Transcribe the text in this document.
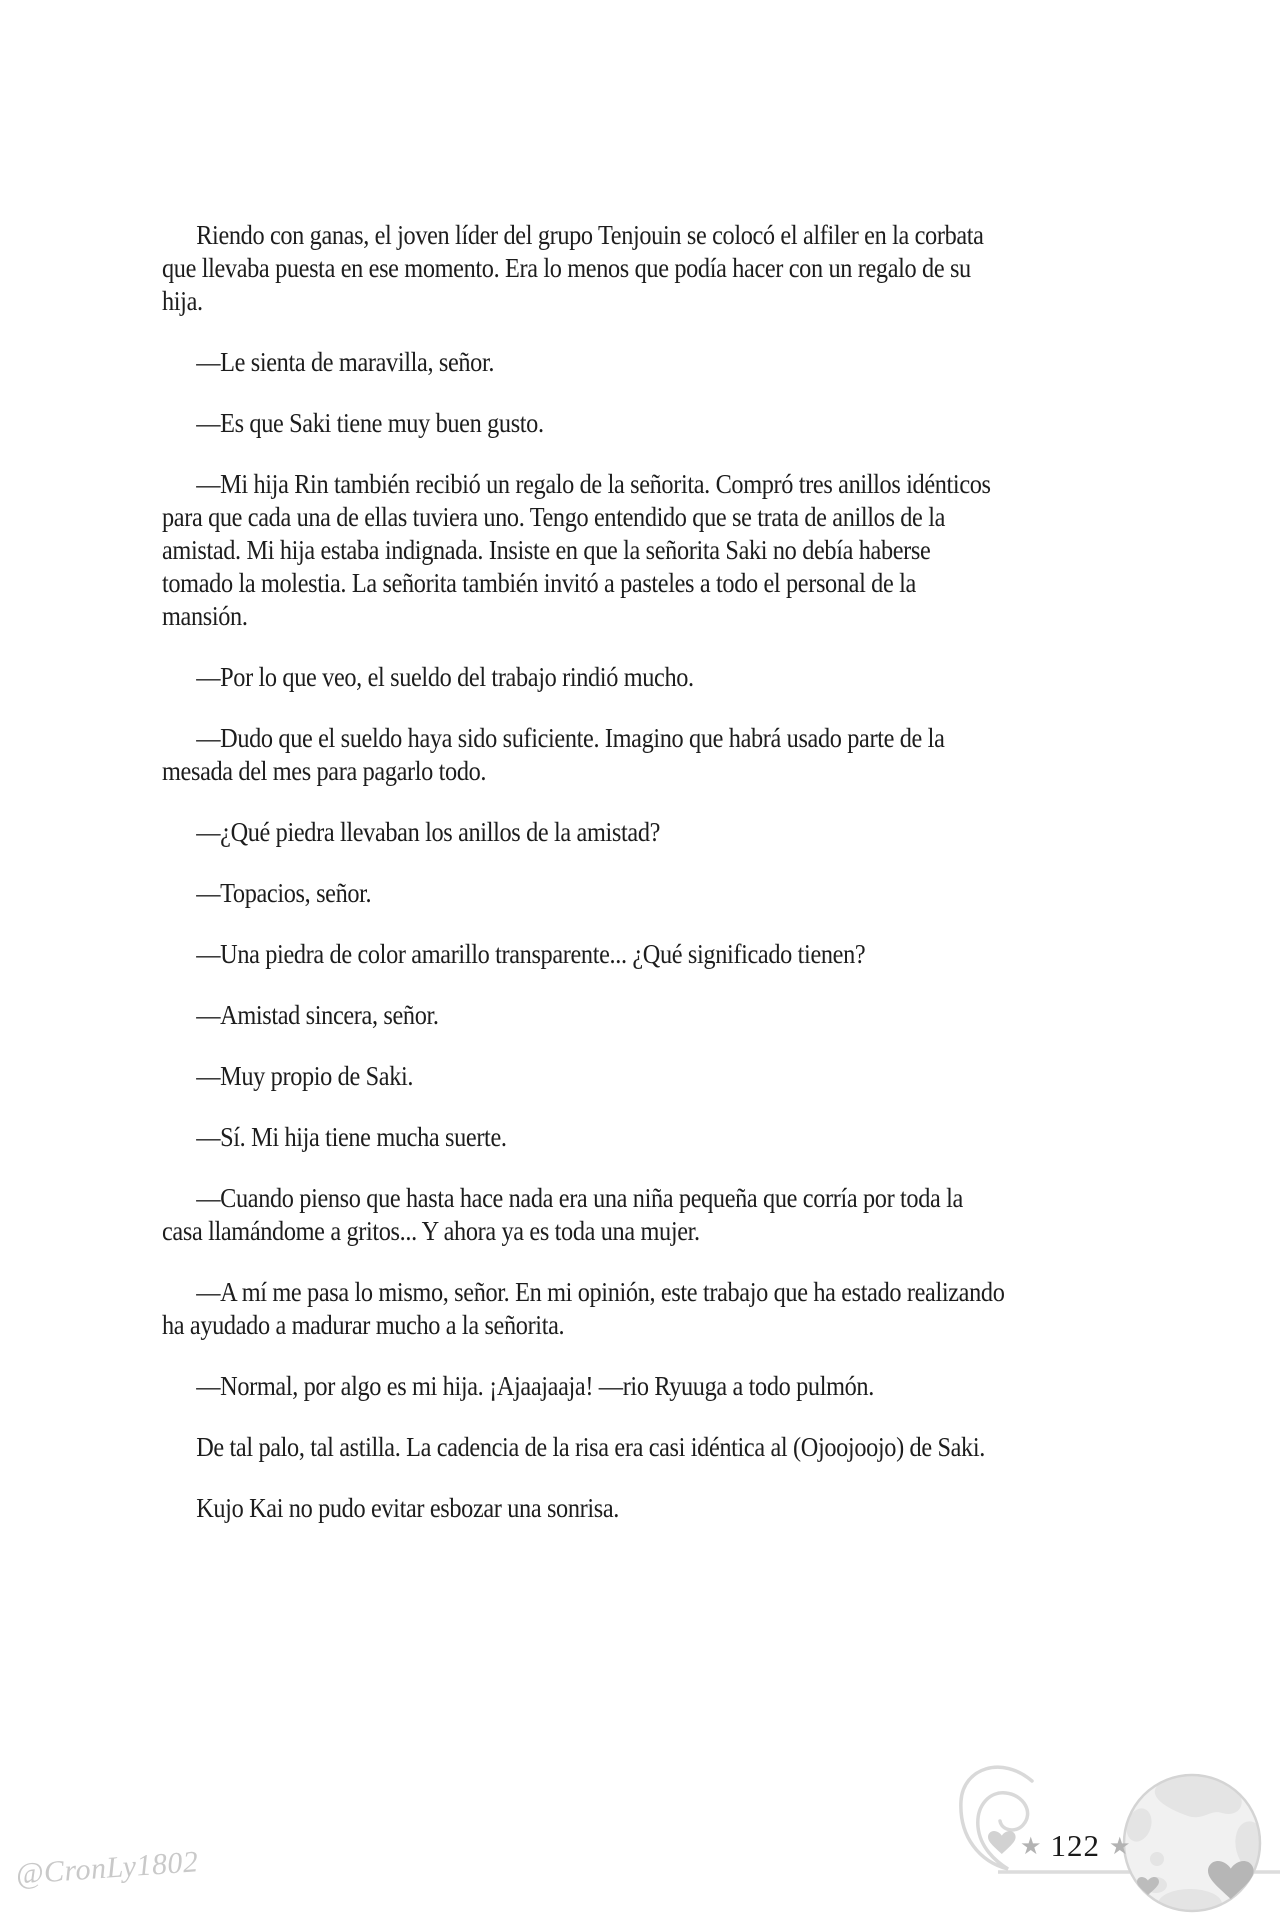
Riendo con ganas, el joven líder del grupo Tenjouin se colocó el alfiler en la corbata
que llevaba puesta en ese momento. Era lo menos que podía hacer con un regalo de su
hija.

—Le sienta de maravilla, señor.

—Es que Saki tiene muy buen gusto.

—Mi hija Rin también recibió un regalo de la señorita. Compró tres anillos idénticos
para que cada una de ellas tuviera uno. Tengo entendido que se trata de anillos de la
amistad. Mi hija estaba indignada. Insiste en que la señorita Saki no debía haberse
tomado la molestia. La señorita también invitó a pasteles a todo el personal de la
mansión.

—Por lo que veo, el sueldo del trabajo rindió mucho.

—Dudo que el sueldo haya sido suficiente. Imagino que habrá usado parte de la
mesada del mes para pagarlo todo.

—¿Qué piedra llevaban los anillos de la amistad?

—Topacios, señor.

—Una piedra de color amarillo transparente... ¿Qué significado tienen?

—Amistad sincera, señor.

—Muy propio de Saki.

—Sí. Mi hija tiene mucha suerte.

—Cuando pienso que hasta hace nada era una niña pequeña que corría por toda la
casa llamándome a gritos... Y ahora ya es toda una mujer.

—A mí me pasa lo mismo, señor. En mi opinión, este trabajo que ha estado realizando
ha ayudado a madurar mucho a la señorita.

—Normal, por algo es mi hija. ¡Ajaajaaja! —rio Ryuuga a todo pulmón.

De tal palo, tal astilla. La cadencia de la risa era casi idéntica al (Ojoojoojo) de Saki.

Kujo Kai no pudo evitar esbozar una sonrisa.

@CronLy1802	★ 122 ★
